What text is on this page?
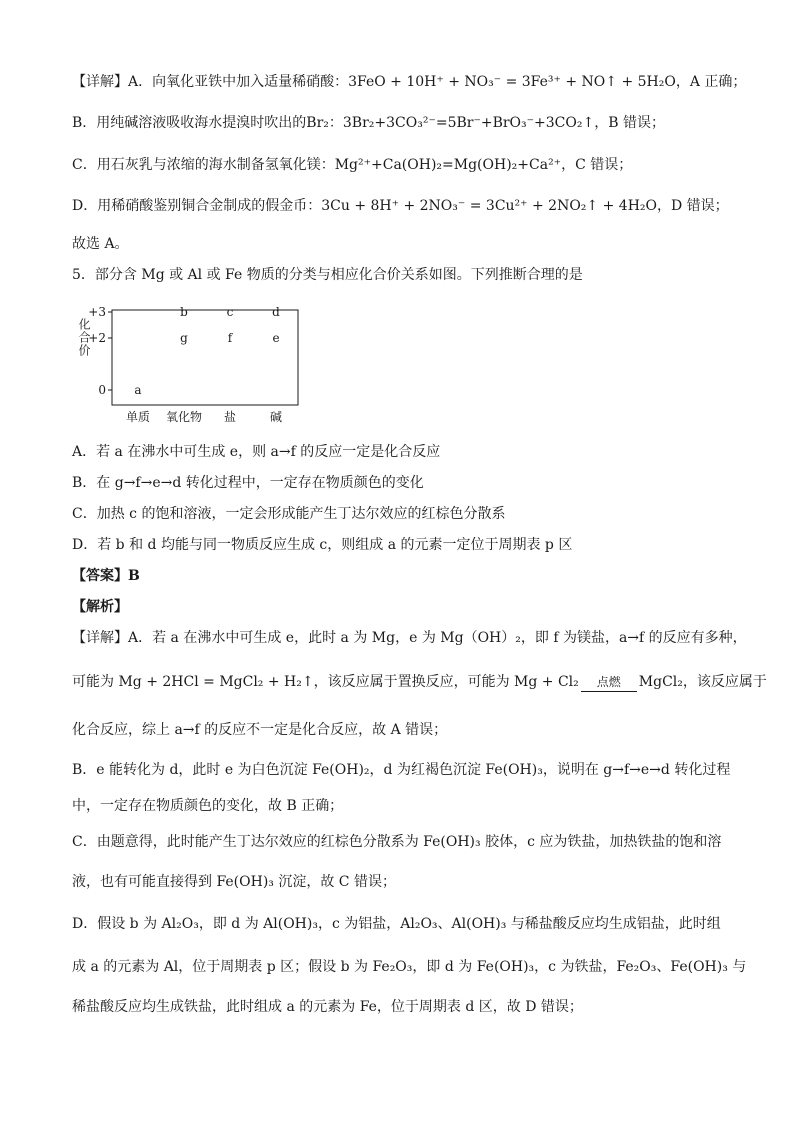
【详解】A．向氧化亚铁中加入适量稀硝酸：3FeO + 10H⁺ + NO₃⁻ = 3Fe³⁺ + NO↑ + 5H₂O，A 正确；
B．用纯碱溶液吸收海水提溴时吹出的Br₂：3Br₂+3CO₃²⁻=5Br⁻+BrO₃⁻+3CO₂↑，B 错误；
C．用石灰乳与浓缩的海水制备氢氧化镁：Mg²⁺+Ca(OH)₂=Mg(OH)₂+Ca²⁺，C 错误；
D．用稀硝酸鉴别铜合金制成的假金币：3Cu + 8H⁺ + 2NO₃⁻ = 3Cu²⁺ + 2NO₂↑ + 4H₂O，D 错误；
故选 A。
5．部分含 Mg 或 Al 或 Fe 物质的分类与相应化合价关系如图。下列推断合理的是
化合价
+3
+2
0
单质 氧化物 盐	碱
a
b	c	d
g	f	e
A．若 a 在沸水中可生成 e，则 a→f 的反应一定是化合反应
B．在 g→f→e→d 转化过程中，一定存在物质颜色的变化
C．加热 c 的饱和溶液，一定会形成能产生丁达尔效应的红棕色分散系
D．若 b 和 d 均能与同一物质反应生成 c，则组成 a 的元素一定位于周期表 p 区
【答案】B
【解析】
【详解】A．若 a 在沸水中可生成 e，此时 a 为 Mg，e 为 Mg（OH）₂，即 f 为镁盐，a→f 的反应有多种，
可能为 Mg + 2HCl = MgCl₂ + H₂↑，该反应属于置换反应，可能为 Mg + Cl₂	点燃	MgCl₂，该反应属于
化合反应，综上 a→f 的反应不一定是化合反应，故 A 错误；
B．e 能转化为 d，此时 e 为白色沉淀 Fe(OH)₂，d 为红褐色沉淀 Fe(OH)₃，说明在 g→f→e→d 转化过程
中，一定存在物质颜色的变化，故 B 正确；
C．由题意得，此时能产生丁达尔效应的红棕色分散系为 Fe(OH)₃ 胶体，c 应为铁盐，加热铁盐的饱和溶
液，也有可能直接得到 Fe(OH)₃ 沉淀，故 C 错误；
D．假设 b 为 Al₂O₃，即 d 为 Al(OH)₃，c 为铝盐，Al₂O₃、Al(OH)₃ 与稀盐酸反应均生成铝盐，此时组
成 a 的元素为 Al，位于周期表 p 区；假设 b 为 Fe₂O₃，即 d 为 Fe(OH)₃，c 为铁盐，Fe₂O₃、Fe(OH)₃ 与
稀盐酸反应均生成铁盐，此时组成 a 的元素为 Fe，位于周期表 d 区，故 D 错误；
